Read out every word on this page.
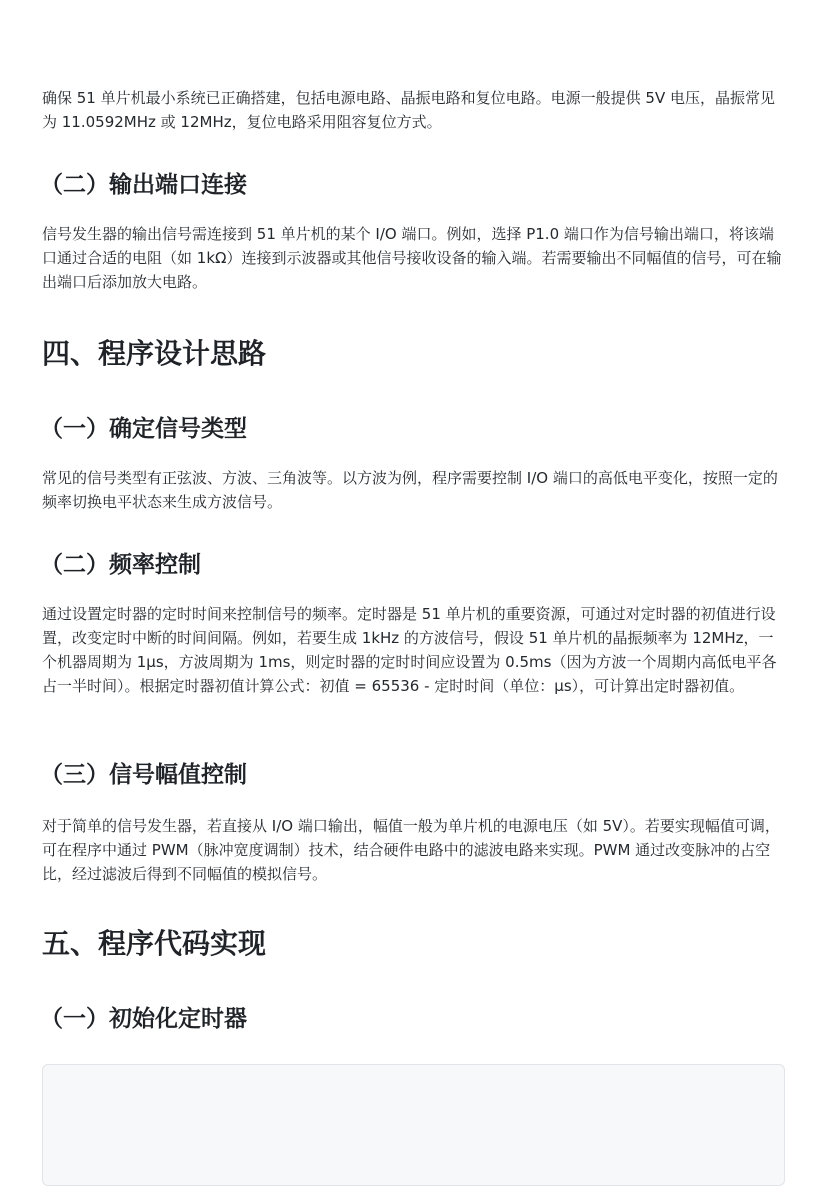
确保 51 单片机最小系统已正确搭建，包括电源电路、晶振电路和复位电路。电源一般提供 5V 电压，晶振常见为 11.0592MHz 或 12MHz，复位电路采用阻容复位方式。

（二）输出端口连接

信号发生器的输出信号需连接到 51 单片机的某个 I/O 端口。例如，选择 P1.0 端口作为信号输出端口，将该端口通过合适的电阻（如 1kΩ）连接到示波器或其他信号接收设备的输入端。若需要输出不同幅值的信号，可在输出端口后添加放大电路。

四、程序设计思路
（一）确定信号类型

常见的信号类型有正弦波、方波、三角波等。以方波为例，程序需要控制 I/O 端口的高低电平变化，按照一定的频率切换电平状态来生成方波信号。

（二）频率控制

通过设置定时器的定时时间来控制信号的频率。定时器是 51 单片机的重要资源，可通过对定时器的初值进行设置，改变定时中断的时间间隔。例如，若要生成 1kHz 的方波信号，假设 51 单片机的晶振频率为 12MHz，一个机器周期为 1μs，方波周期为 1ms，则定时器的定时时间应设置为 0.5ms（因为方波一个周期内高低电平各占一半时间）。根据定时器初值计算公式：初值 = 65536 - 定时时间（单位：μs），可计算出定时器初值。

（三）信号幅值控制

对于简单的信号发生器，若直接从 I/O 端口输出，幅值一般为单片机的电源电压（如 5V）。若要实现幅值可调，可在程序中通过 PWM（脉冲宽度调制）技术，结合硬件电路中的滤波电路来实现。PWM 通过改变脉冲的占空比，经过滤波后得到不同幅值的模拟信号。

五、程序代码实现
（一）初始化定时器
